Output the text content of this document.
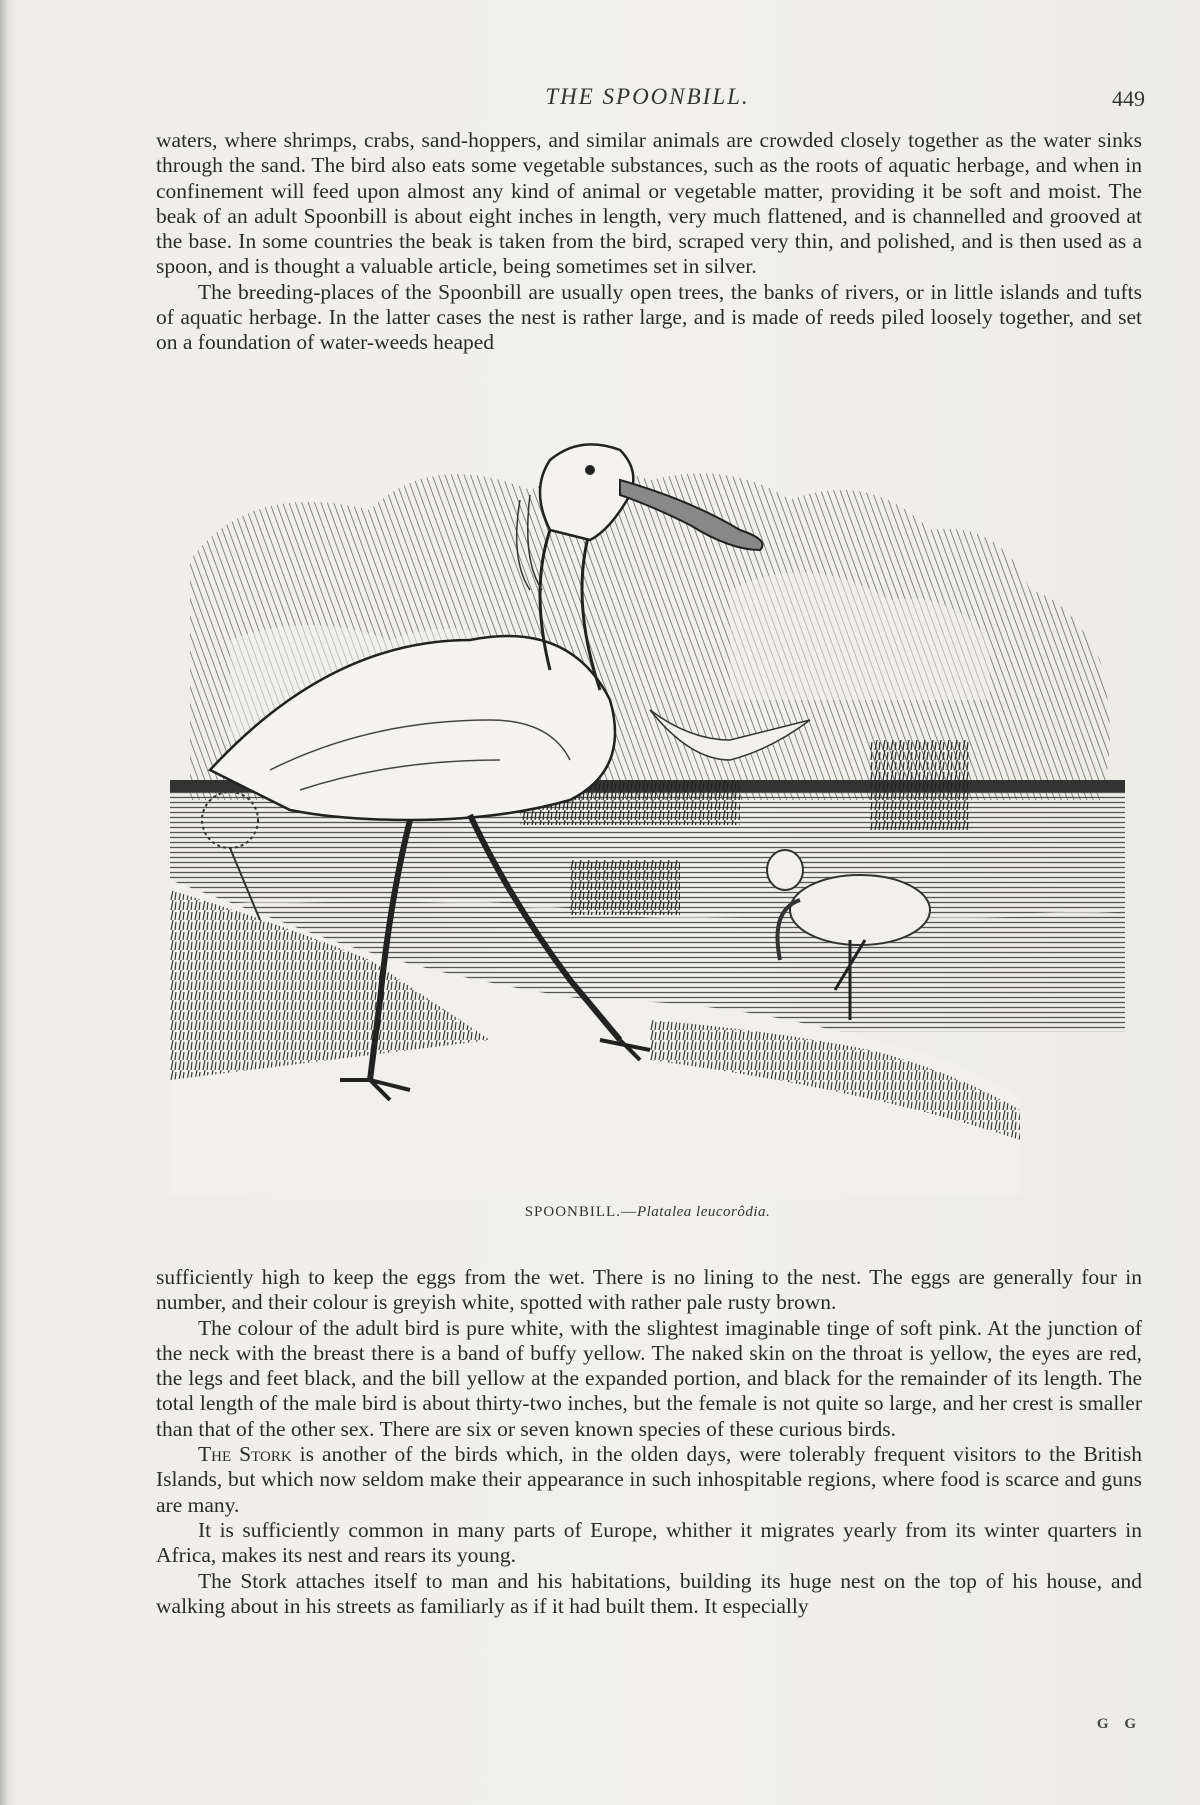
THE SPOONBILL.	449

waters, where shrimps, crabs, sand-hoppers, and similar animals are crowded closely together as the water sinks through the sand. The bird also eats some vegetable substances, such as the roots of aquatic herbage, and when in confinement will feed upon almost any kind of animal or vegetable matter, providing it be soft and moist. The beak of an adult Spoonbill is about eight inches in length, very much flattened, and is channelled and grooved at the base. In some countries the beak is taken from the bird, scraped very thin, and polished, and is then used as a spoon, and is thought a valuable article, being sometimes set in silver.

The breeding-places of the Spoonbill are usually open trees, the banks of rivers, or in little islands and tufts of aquatic herbage. In the latter cases the nest is rather large, and is made of reeds piled loosely together, and set on a foundation of water-weeds heaped

SPOONBILL.—Platalea leucorôdia.

sufficiently high to keep the eggs from the wet. There is no lining to the nest. The eggs are generally four in number, and their colour is greyish white, spotted with rather pale rusty brown.

The colour of the adult bird is pure white, with the slightest imaginable tinge of soft pink. At the junction of the neck with the breast there is a band of buffy yellow. The naked skin on the throat is yellow, the eyes are red, the legs and feet black, and the bill yellow at the expanded portion, and black for the remainder of its length. The total length of the male bird is about thirty-two inches, but the female is not quite so large, and her crest is smaller than that of the other sex. There are six or seven known species of these curious birds.

The Stork is another of the birds which, in the olden days, were tolerably frequent visitors to the British Islands, but which now seldom make their appearance in such inhospitable regions, where food is scarce and guns are many.

It is sufficiently common in many parts of Europe, whither it migrates yearly from its winter quarters in Africa, makes its nest and rears its young.

The Stork attaches itself to man and his habitations, building its huge nest on the top of his house, and walking about in his streets as familiarly as if it had built them. It especially

G G
